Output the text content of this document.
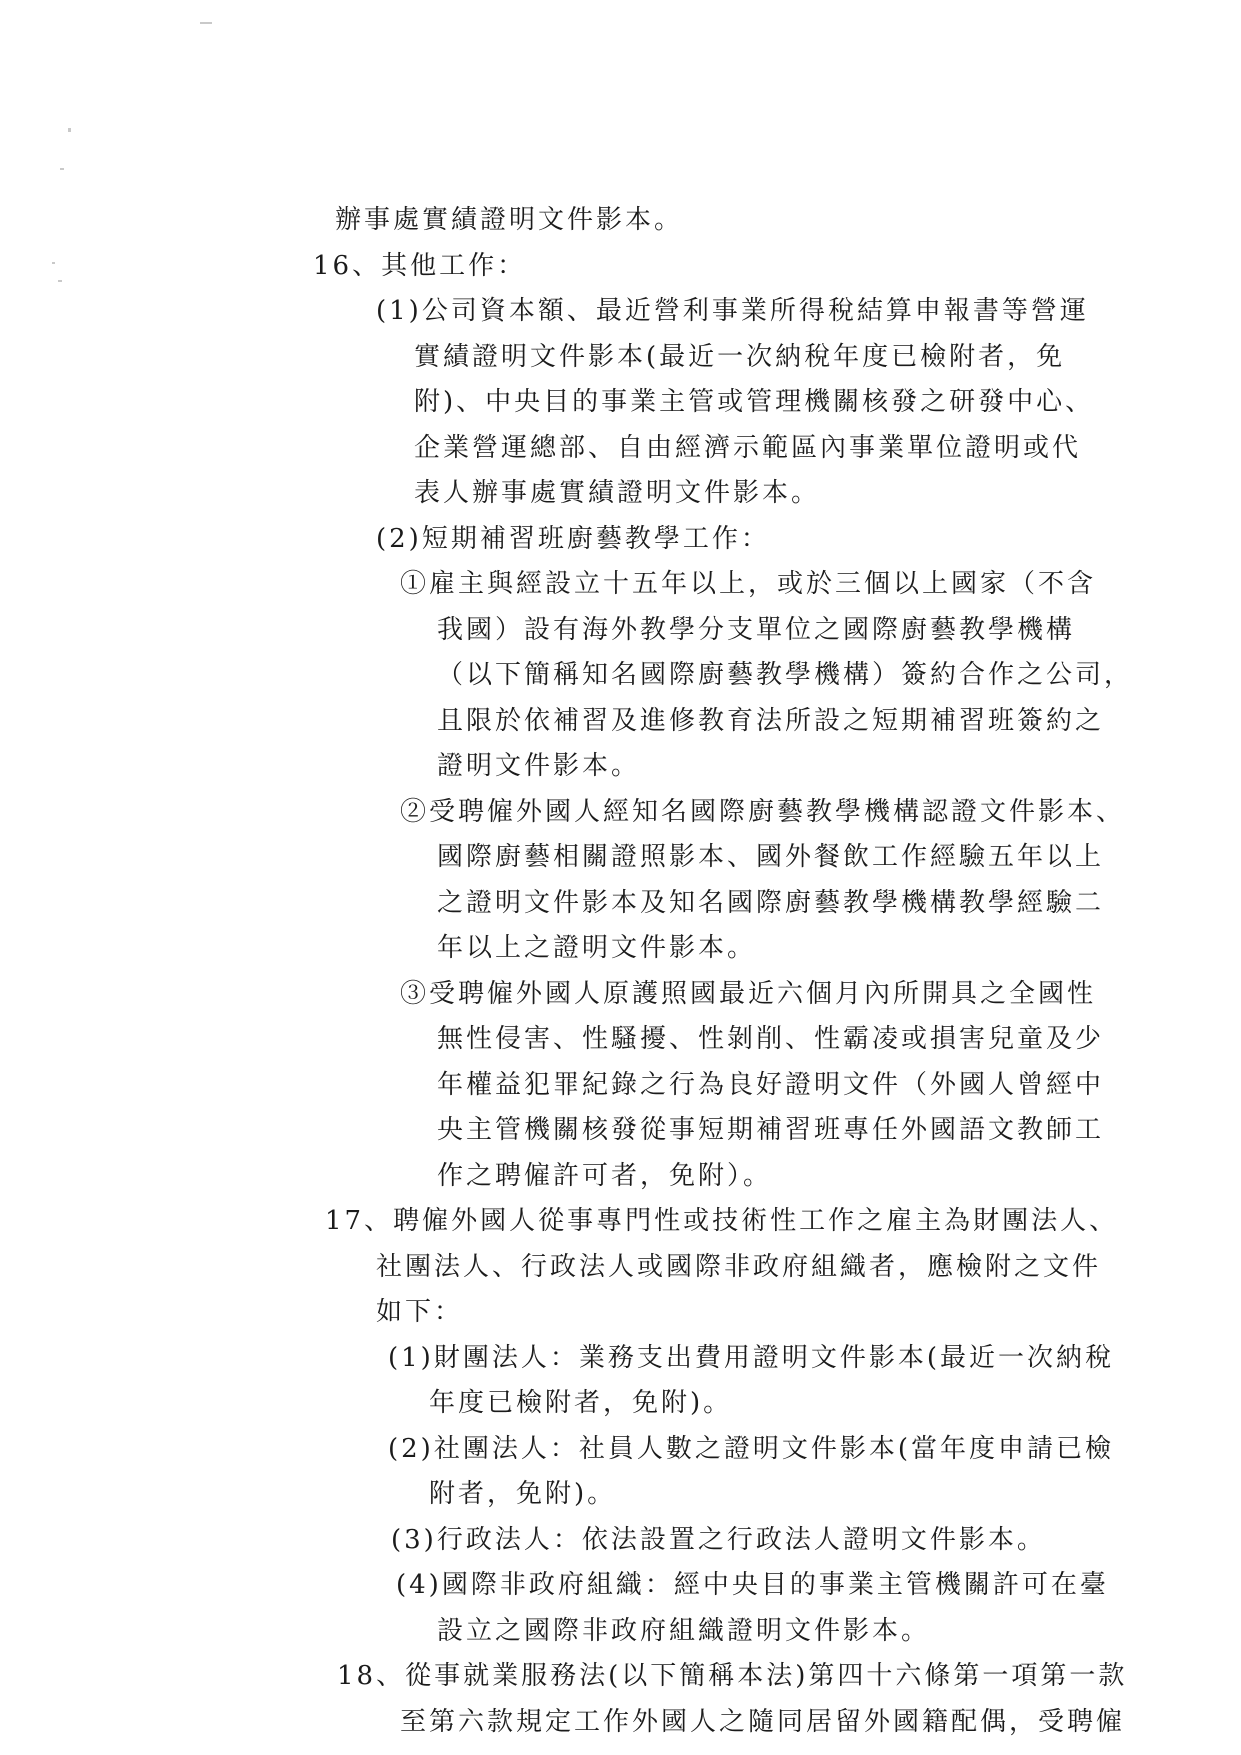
辦事處實績證明文件影本。
16、其他工作：
(1)公司資本額、最近營利事業所得稅結算申報書等營運
實績證明文件影本(最近一次納稅年度已檢附者，免
附)、中央目的事業主管或管理機關核發之研發中心、
企業營運總部、自由經濟示範區內事業單位證明或代
表人辦事處實績證明文件影本。
(2)短期補習班廚藝教學工作：
①雇主與經設立十五年以上，或於三個以上國家（不含
我國）設有海外教學分支單位之國際廚藝教學機構
（以下簡稱知名國際廚藝教學機構）簽約合作之公司，
且限於依補習及進修教育法所設之短期補習班簽約之
證明文件影本。
②受聘僱外國人經知名國際廚藝教學機構認證文件影本、
國際廚藝相關證照影本、國外餐飲工作經驗五年以上
之證明文件影本及知名國際廚藝教學機構教學經驗二
年以上之證明文件影本。
③受聘僱外國人原護照國最近六個月內所開具之全國性
無性侵害、性騷擾、性剝削、性霸凌或損害兒童及少
年權益犯罪紀錄之行為良好證明文件（外國人曾經中
央主管機關核發從事短期補習班專任外國語文教師工
作之聘僱許可者，免附）。
17、聘僱外國人從事專門性或技術性工作之雇主為財團法人、
社團法人、行政法人或國際非政府組織者，應檢附之文件
如下：
(1)財團法人：業務支出費用證明文件影本(最近一次納稅
年度已檢附者，免附)。
(2)社團法人：社員人數之證明文件影本(當年度申請已檢
附者，免附)。
(3)行政法人：依法設置之行政法人證明文件影本。
(4)國際非政府組織：經中央目的事業主管機關許可在臺
設立之國際非政府組織證明文件影本。
18、從事就業服務法(以下簡稱本法)第四十六條第一項第一款
至第六款規定工作外國人之隨同居留外國籍配偶，受聘僱
